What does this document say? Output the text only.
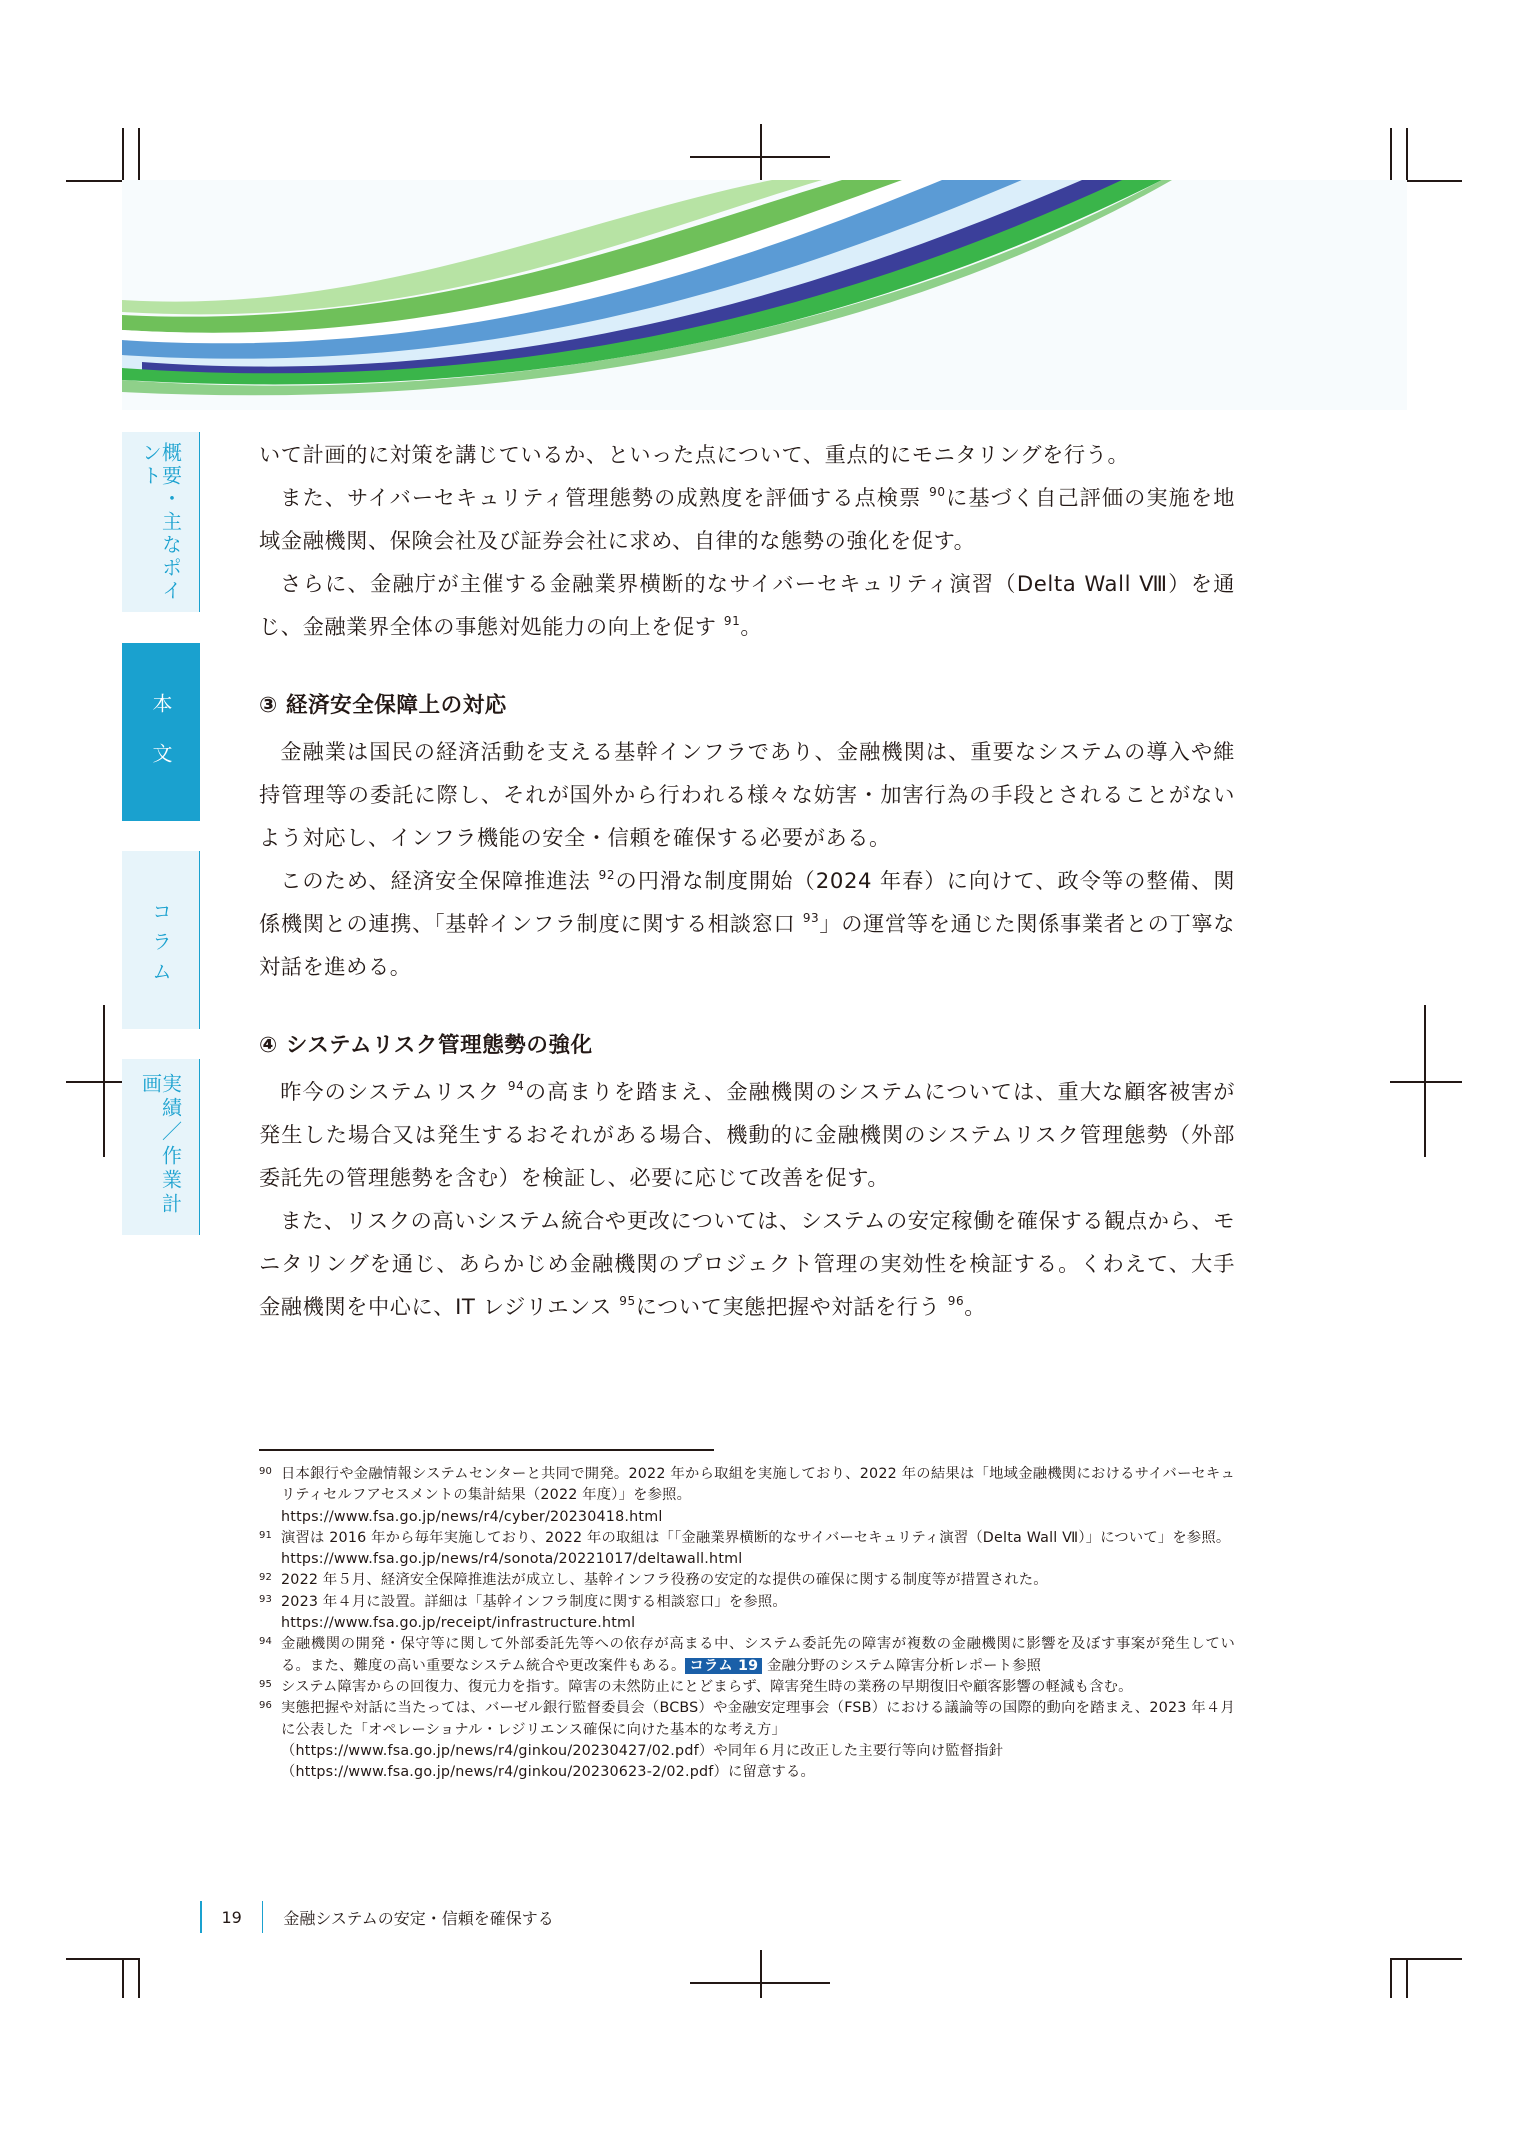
概要・主なポイント
本文
コラム
実績／作業計画

いて計画的に対策を講じているか、といった点について、重点的にモニタリングを行う。

また、サイバーセキュリティ管理態勢の成熟度を評価する点検票 $^{90}$に基づく自己評価の実施を地域金融機関、保険会社及び証券会社に求め、自律的な態勢の強化を促す。

さらに、金融庁が主催する金融業界横断的なサイバーセキュリティ演習（Delta Wall Ⅷ）を通じ、金融業界全体の事態対処能力の向上を促す $^{91}$。

③ 経済安全保障上の対応

金融業は国民の経済活動を支える基幹インフラであり、金融機関は、重要なシステムの導入や維持管理等の委託に際し、それが国外から行われる様々な妨害・加害行為の手段とされることがないよう対応し、インフラ機能の安全・信頼を確保する必要がある。

このため、経済安全保障推進法 $^{92}$の円滑な制度開始（2024 年春）に向けて、政令等の整備、関係機関との連携、「基幹インフラ制度に関する相談窓口 $^{93}$」の運営等を通じた関係事業者との丁寧な対話を進める。

④ システムリスク管理態勢の強化

昨今のシステムリスク $^{94}$の高まりを踏まえ、金融機関のシステムについては、重大な顧客被害が発生した場合又は発生するおそれがある場合、機動的に金融機関のシステムリスク管理態勢（外部委託先の管理態勢を含む）を検証し、必要に応じて改善を促す。

また、リスクの高いシステム統合や更改については、システムの安定稼働を確保する観点から、モニタリングを通じ、あらかじめ金融機関のプロジェクト管理の実効性を検証する。くわえて、大手金融機関を中心に、IT レジリエンス $^{95}$について実態把握や対話を行う $^{96}$。

90 日本銀行や金融情報システムセンターと共同で開発。2022 年から取組を実施しており、2022 年の結果は「地域金融機関におけるサイバーセキュリティセルフアセスメントの集計結果（2022 年度）」を参照。
https://www.fsa.go.jp/news/r4/cyber/20230418.html
91 演習は 2016 年から毎年実施しており、2022 年の取組は「「金融業界横断的なサイバーセキュリティ演習（Delta Wall Ⅶ）」について」を参照。
https://www.fsa.go.jp/news/r4/sonota/20221017/deltawall.html
92 2022 年５月、経済安全保障推進法が成立し、基幹インフラ役務の安定的な提供の確保に関する制度等が措置された。
93 2023 年４月に設置。詳細は「基幹インフラ制度に関する相談窓口」を参照。
https://www.fsa.go.jp/receipt/infrastructure.html
94 金融機関の開発・保守等に関して外部委託先等への依存が高まる中、システム委託先の障害が複数の金融機関に影響を及ぼす事案が発生している。また、難度の高い重要なシステム統合や更改案件もある。 コラム 19 金融分野のシステム障害分析レポート参照
95 システム障害からの回復力、復元力を指す。障害の未然防止にとどまらず、障害発生時の業務の早期復旧や顧客影響の軽減も含む。
96 実態把握や対話に当たっては、バーゼル銀行監督委員会（BCBS）や金融安定理事会（FSB）における議論等の国際的動向を踏まえ、2023 年４月に公表した「オペレーショナル・レジリエンス確保に向けた基本的な考え方」
（https://www.fsa.go.jp/news/r4/ginkou/20230427/02.pdf）や同年６月に改正した主要行等向け監督指針
（https://www.fsa.go.jp/news/r4/ginkou/20230623-2/02.pdf）に留意する。
19	金融システムの安定・信頼を確保する
